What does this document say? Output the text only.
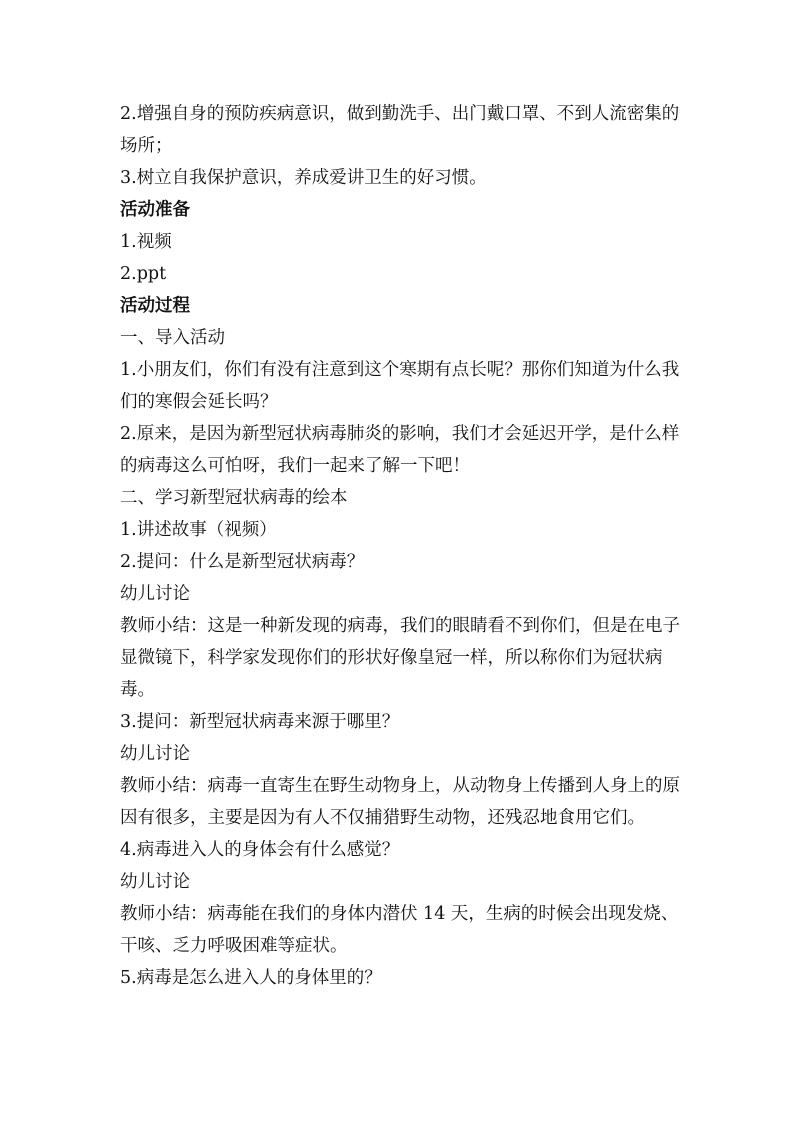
2.增强自身的预防疾病意识，做到勤洗手、出门戴口罩、不到人流密集的场所；

3.树立自我保护意识，养成爱讲卫生的好习惯。

活动准备

1.视频

2.ppt

活动过程

一、导入活动

1.小朋友们，你们有没有注意到这个寒期有点长呢？那你们知道为什么我们的寒假会延长吗？

2.原来，是因为新型冠状病毒肺炎的影响，我们才会延迟开学，是什么样的病毒这么可怕呀，我们一起来了解一下吧！

二、学习新型冠状病毒的绘本

1.讲述故事（视频）

2.提问：什么是新型冠状病毒？

幼儿讨论

教师小结：这是一种新发现的病毒，我们的眼睛看不到你们，但是在电子显微镜下，科学家发现你们的形状好像皇冠一样，所以称你们为冠状病毒。

3.提问：新型冠状病毒来源于哪里？

幼儿讨论

教师小结：病毒一直寄生在野生动物身上，从动物身上传播到人身上的原因有很多，主要是因为有人不仅捕猎野生动物，还残忍地食用它们。

4.病毒进入人的身体会有什么感觉？

幼儿讨论

教师小结：病毒能在我们的身体内潜伏 14 天，生病的时候会出现发烧、干咳、乏力呼吸困难等症状。

5.病毒是怎么进入人的身体里的？
